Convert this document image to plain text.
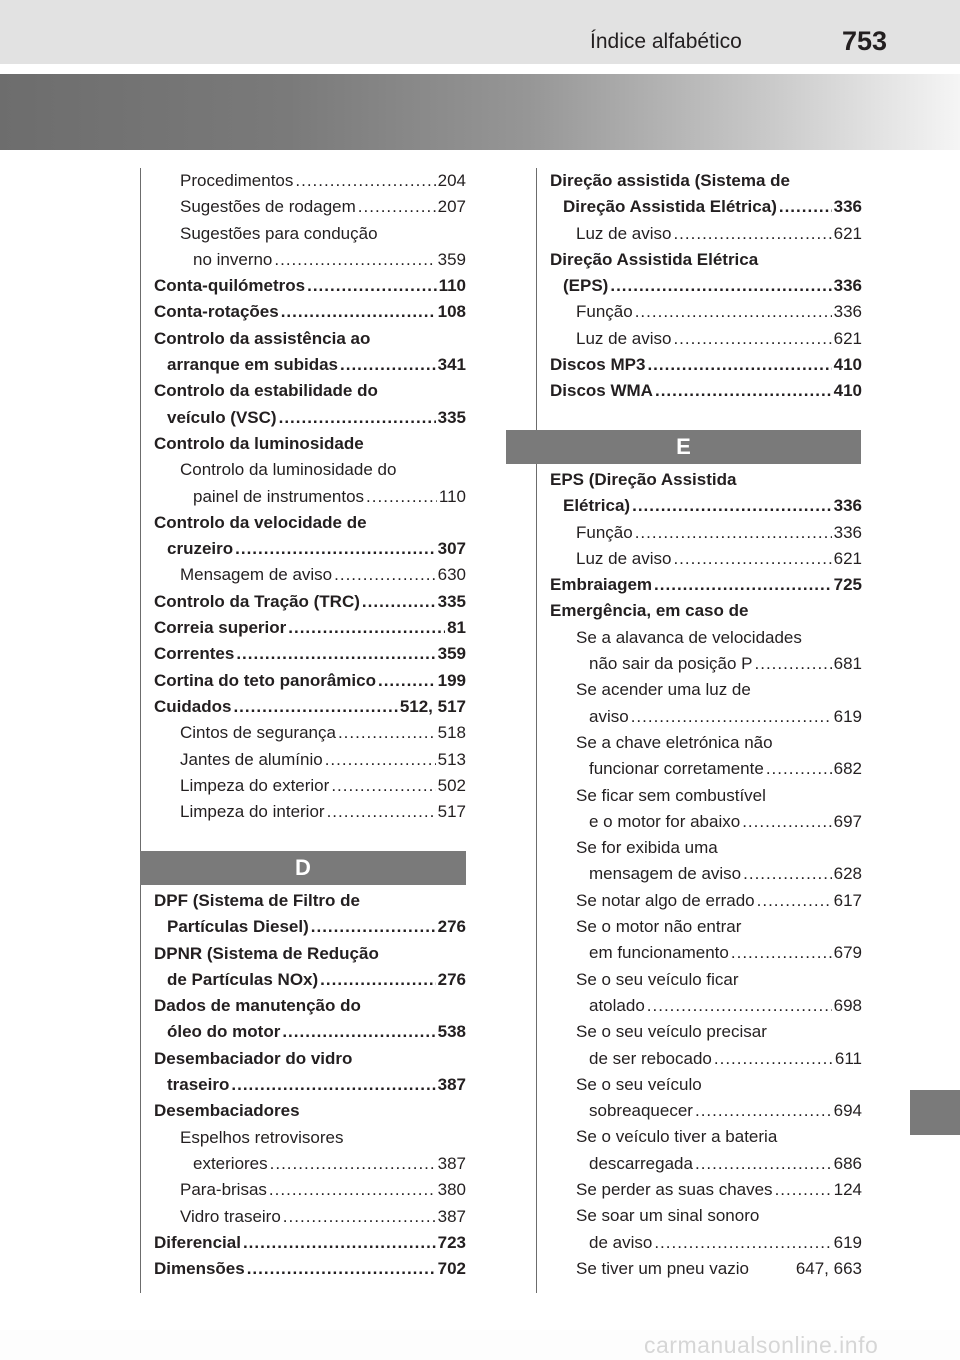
Índice alfabético	753
Procedimentos .....	204
Sugestões de rodagem .....	207
Sugestões para condução
no inverno .....	359
Conta-quilómetros .....	110
Conta-rotações .....	108
Controlo da assistência ao
arranque em subidas .....	341
Controlo da estabilidade do
veículo (VSC) .....	335
Controlo da luminosidade
Controlo da luminosidade do
painel de instrumentos .....	110
Controlo da velocidade de
cruzeiro .....	307
Mensagem de aviso .....	630
Controlo da Tração (TRC) .....	335
Correia superior .....	81
Correntes .....	359
Cortina do teto panorâmico .....	199
Cuidados .....	512, 517
Cintos de segurança .....	518
Jantes de alumínio .....	513
Limpeza do exterior .....	502
Limpeza do interior .....	517
D
DPF (Sistema de Filtro de
Partículas Diesel) .....	276
DPNR (Sistema de Redução
de Partículas NOx) .....	276
Dados de manutenção do
óleo do motor .....	538
Desembaciador do vidro
traseiro .....	387
Desembaciadores
Espelhos retrovisores
exteriores .....	387
Para-brisas .....	380
Vidro traseiro .....	387
Diferencial .....	723
Dimensões .....	702
Direção assistida (Sistema de
Direção Assistida Elétrica) .....	336
Luz de aviso .....	621
Direção Assistida Elétrica
(EPS) .....	336
Função .....	336
Luz de aviso .....	621
Discos MP3 .....	410
Discos WMA .....	410
E
EPS (Direção Assistida
Elétrica) .....	336
Função .....	336
Luz de aviso .....	621
Embraiagem .....	725
Emergência, em caso de
Se a alavanca de velocidades
não sair da posição P .....	681
Se acender uma luz de
aviso .....	619
Se a chave eletrónica não
funcionar corretamente .....	682
Se ficar sem combustível
e o motor for abaixo .....	697
Se for exibida uma
mensagem de aviso .....	628
Se notar algo de errado .....	617
Se o motor não entrar
em funcionamento .....	679
Se o seu veículo ficar
atolado .....	698
Se o seu veículo precisar
de ser rebocado .....	611
Se o seu veículo
sobreaquecer .....	694
Se o veículo tiver a bateria
descarregada .....	686
Se perder as suas chaves .....	124
Se soar um sinal sonoro
de aviso .....	619
Se tiver um pneu vazio	647, 663
carmanualsonline.info
